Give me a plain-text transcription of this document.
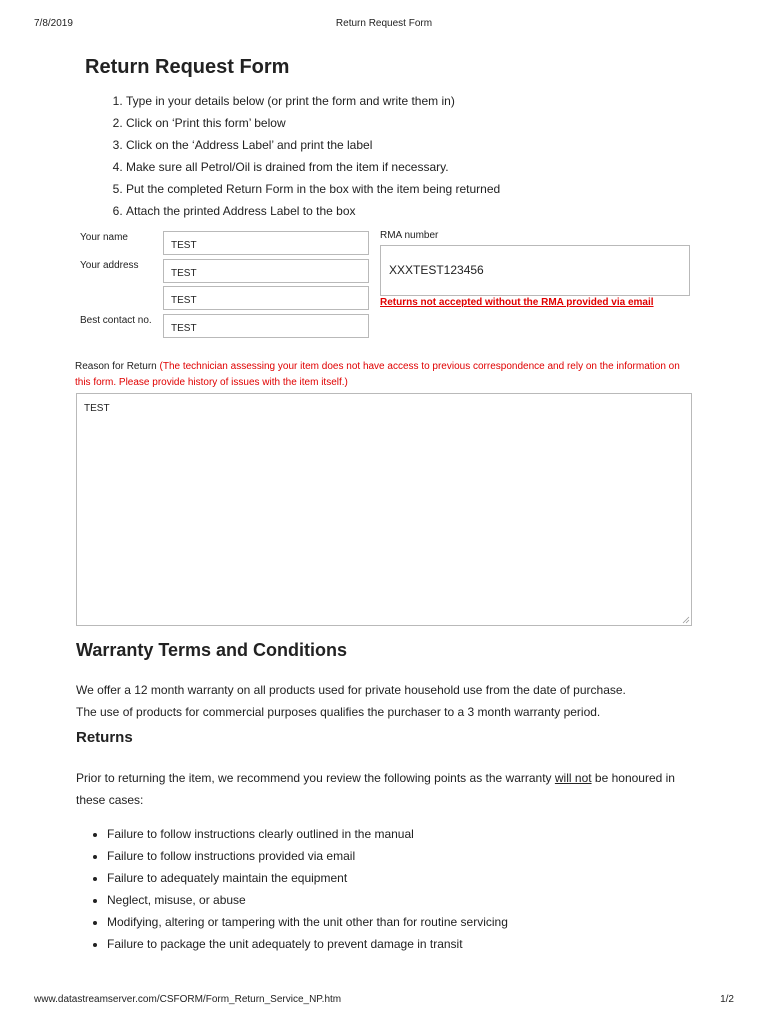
7/8/2019	Return Request Form
Return Request Form
1. Type in your details below (or print the form and write them in)
2. Click on ‘Print this form’ below
3. Click on the ‘Address Label’ and print the label
4. Make sure all Petrol/Oil is drained from the item if necessary.
5. Put the completed Return Form in the box with the item being returned
6. Attach the printed Address Label to the box
Your name
TEST
Your address
TEST
TEST
Best contact no.
TEST
RMA number
XXXTEST123456
Returns not accepted without the RMA provided via email
Reason for Return (The technician assessing your item does not have access to previous correspondence and rely on the information on this form. Please provide history of issues with the item itself.)
TEST
Warranty Terms and Conditions
We offer a 12 month warranty on all products used for private household use from the date of purchase.
The use of products for commercial purposes qualifies the purchaser to a 3 month warranty period.
Returns
Prior to returning the item, we recommend you review the following points as the warranty will not be honoured in these cases:
• Failure to follow instructions clearly outlined in the manual
• Failure to follow instructions provided via email
• Failure to adequately maintain the equipment
• Neglect, misuse, or abuse
• Modifying, altering or tampering with the unit other than for routine servicing
• Failure to package the unit adequately to prevent damage in transit
www.datastreamserver.com/CSFORM/Form_Return_Service_NP.htm	1/2
